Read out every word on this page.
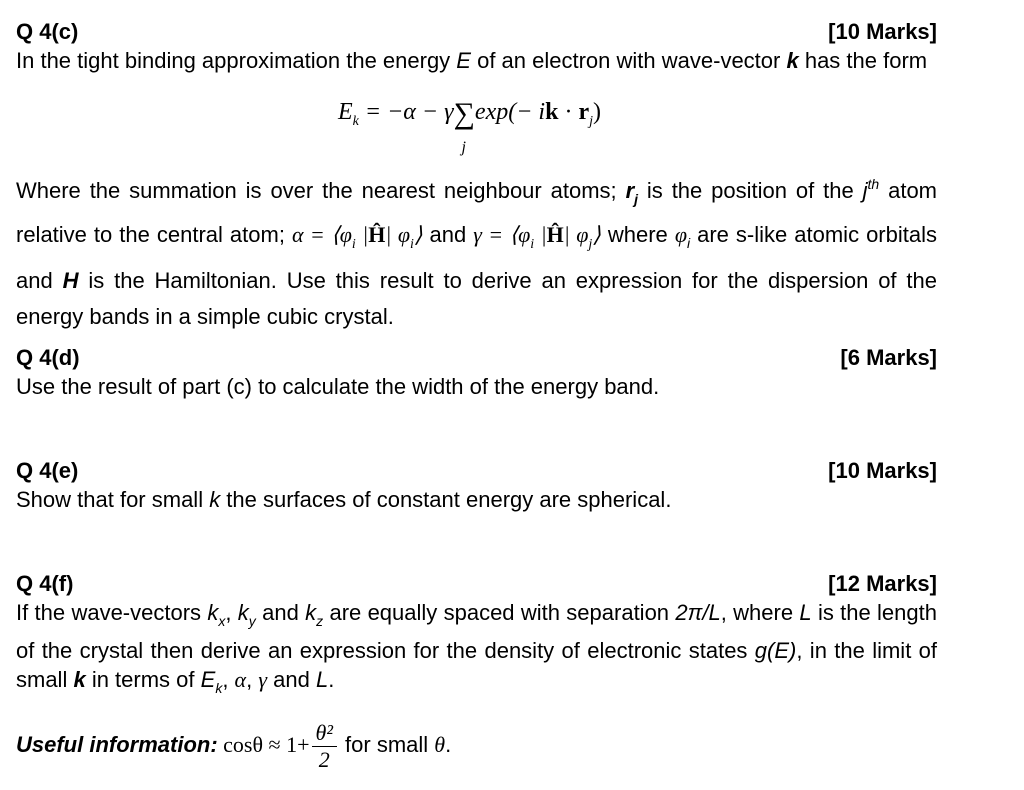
Q 4(c)	[10 Marks]

In the tight binding approximation the energy E of an electron with wave-vector k has the form

$E_k = -\alpha - \gamma\sum$
j
exp(− ik · $r_j$)

Where the summation is over the nearest neighbour atoms; $r_j$ is the position of the $j^{th}$ atom relative to the central atom; $\alpha = ⟨\varphi_i$ |Ĥ| $\varphi_i⟩$ and $\gamma = ⟨\varphi_i$ |Ĥ| $\varphi_j⟩$ where $\varphi_i$ are s-like atomic orbitals and H is the Hamiltonian. Use this result to derive an expression for the dispersion of the energy bands in a simple cubic crystal.

Q 4(d)	[6 Marks]

Use the result of part (c) to calculate the width of the energy band.

Q 4(e)	[10 Marks]

Show that for small k the surfaces of constant energy are spherical.

Q 4(f)	[12 Marks]

If the wave-vectors $k_x$, $k_y$ and $k_z$ are equally spaced with separation 2π/L, where L is the length of the crystal then derive an expression for the density of electronic states g(E), in the limit of small k in terms of $E_k$, α, γ and L.

Useful information: $\cos\theta \approx 1+ \frac{\text{θ²}}{2}$ for small θ.
